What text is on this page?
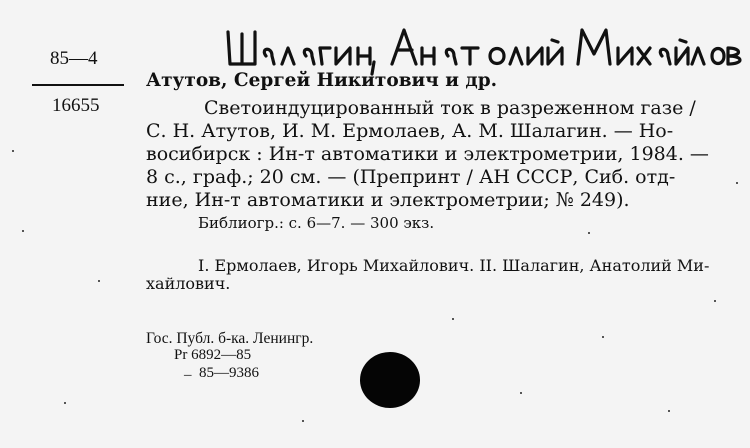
85—4
16655
Атутов, Сергей Никитович и др.
Светоиндуцированный ток в разреженном газе /
С. Н. Атутов, И. М. Ермолаев, А. М. Шалагин. — Но-
восибирск : Ин-т автоматики и электрометрии, 1984. —
8 с., граф.; 20 см. — (Препринт / АН СССР, Сиб. отд-
ние, Ин-т автоматики и электрометрии; № 249).
Библиогр.: с. 6—7. — 300 экз.
I. Ермолаев, Игорь Михайлович. II. Шалагин, Анатолий Ми-
хайлович.
Гос. Публ. б-ка. Ленингр.
Pr 6892—85
– 85—9386
